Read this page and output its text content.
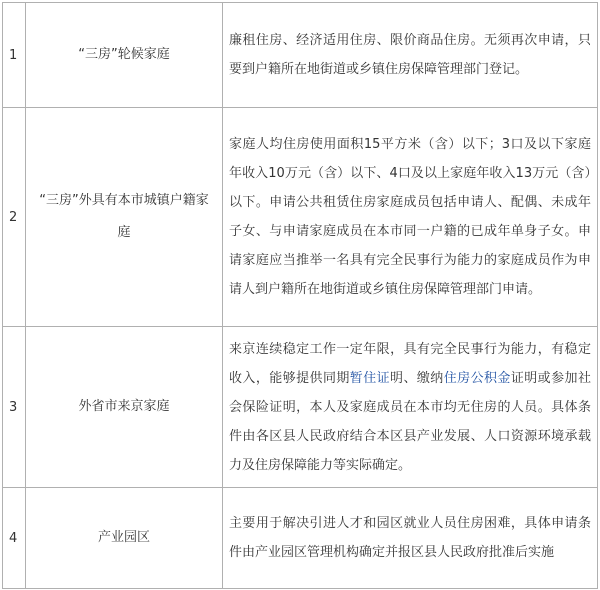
1	“三房”轮候家庭	廉租住房、经济适用住房、限价商品住房。无须再次申请，只要到户籍所在地街道或乡镇住房保障管理部门登记。
2	“三房”外具有本市城镇户籍家庭	家庭人均住房使用面积15平方米（含）以下；3口及以下家庭年收入10万元（含）以下、4口及以上家庭年收入13万元（含）以下。申请公共租赁住房家庭成员包括申请人、配偶、未成年子女、与申请家庭成员在本市同一户籍的已成年单身子女。申请家庭应当推举一名具有完全民事行为能力的家庭成员作为申请人到户籍所在地街道或乡镇住房保障管理部门申请。
3	外省市来京家庭	来京连续稳定工作一定年限，具有完全民事行为能力，有稳定收入，能够提供同期暂住证明、缴纳住房公积金证明或参加社会保险证明，本人及家庭成员在本市均无住房的人员。具体条件由各区县人民政府结合本区县产业发展、人口资源环境承载力及住房保障能力等实际确定。
4	产业园区	主要用于解决引进人才和园区就业人员住房困难，具体申请条件由产业园区管理机构确定并报区县人民政府批准后实施
